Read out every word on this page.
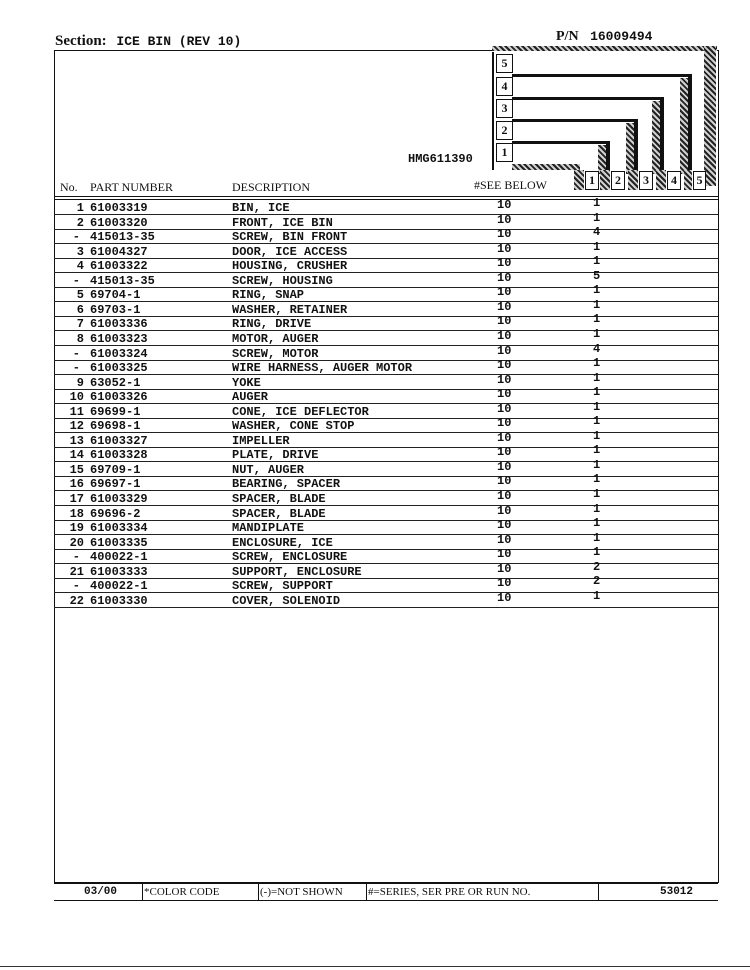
Section: ICE BIN (REV 10)	P/N 16009494
5
4
3
2
1
HMG611390
1	2	3	4	5
No. PART NUMBER	DESCRIPTION	#SEE BELOW
1 61003319	BIN, ICE	10	1
2 61003320	FRONT, ICE BIN	10	1
- 415013-35	SCREW, BIN FRONT	10	4
3 61004327	DOOR, ICE ACCESS	10	1
4 61003322	HOUSING, CRUSHER	10	1
- 415013-35	SCREW, HOUSING	10	5
5 69704-1	RING, SNAP	10	1
6 69703-1	WASHER, RETAINER	10	1
7 61003336	RING, DRIVE	10	1
8 61003323	MOTOR, AUGER	10	1
- 61003324	SCREW, MOTOR	10	4
- 61003325	WIRE HARNESS, AUGER MOTOR	10	1
9 63052-1	YOKE	10	1
10 61003326	AUGER	10	1
11 69699-1	CONE, ICE DEFLECTOR	10	1
12 69698-1	WASHER, CONE STOP	10	1
13 61003327	IMPELLER	10	1
14 61003328	PLATE, DRIVE	10	1
15 69709-1	NUT, AUGER	10	1
16 69697-1	BEARING, SPACER	10	1
17 61003329	SPACER, BLADE	10	1
18 69696-2	SPACER, BLADE	10	1
19 61003334	MANDIPLATE	10	1
20 61003335	ENCLOSURE, ICE	10	1
- 400022-1	SCREW, ENCLOSURE	10	1
21 61003333	SUPPORT, ENCLOSURE	10	2
- 400022-1	SCREW, SUPPORT	10	2
22 61003330	COVER, SOLENOID	10	1
03/00 *COLOR CODE	(-)=NOT SHOWN #=SERIES, SER PRE OR RUN NO.	53012
